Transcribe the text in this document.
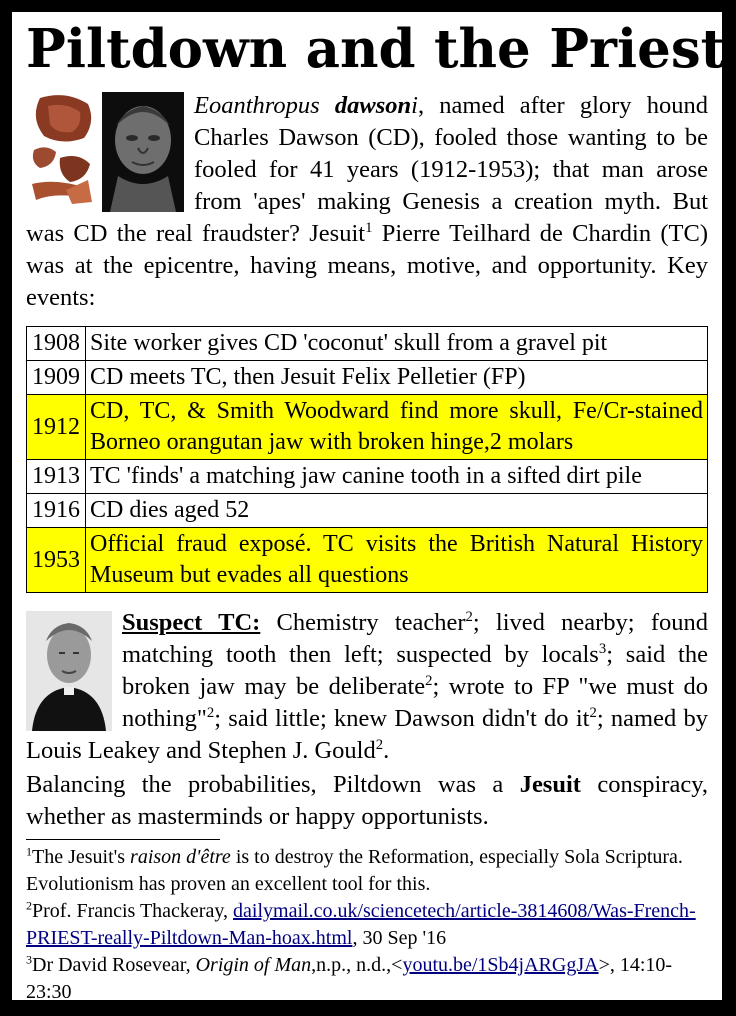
Piltdown and the Priest
Eoanthropus dawsoni, named after glory hound Charles Dawson (CD), fooled those wanting to be fooled for 41 years (1912-1953); that man arose from 'apes' making Genesis a creation myth. But was CD the real fraudster? Jesuit$^1$ Pierre Teilhard de Chardin (TC) was at the epicentre, having means, motive, and opportunity. Key events:
1908	Site worker gives CD 'coconut' skull from a gravel pit
1909	CD meets TC, then Jesuit Felix Pelletier (FP)
1912	CD, TC, & Smith Woodward find more skull, Fe/Cr-stained Borneo orangutan jaw with broken hinge,2 molars
1913	TC 'finds' a matching jaw canine tooth in a sifted dirt pile
1916	CD dies aged 52
1953	Official fraud exposé. TC visits the British Natural History Museum but evades all questions
Suspect TC: Chemistry teacher$^2$; lived nearby; found matching tooth then left; suspected by locals$^3$; said the broken jaw may be deliberate$^2$; wrote to FP "we must do nothing"$^2$; said little; knew Dawson didn't do $it^2$; named by Louis Leakey and Stephen J. Gould$^2$.
Balancing the probabilities, Piltdown was a Jesuit conspiracy, whether as masterminds or happy opportunists.
$^1$The Jesuit's raison d'être is to destroy the Reformation, especially Sola Scriptura. Evolutionism has proven an excellent tool for this.
$^2$Prof. Francis Thackeray, dailymail.co.uk/sciencetech/article-3814608/Was-French-PRIEST-really-Piltdown-Man-hoax.html, 30 Sep '16
$^3$Dr David Rosevear, Origin of Man,n.p., n.d.,<youtu.be/1Sb4jARGgJA>, 14:10-23:30
